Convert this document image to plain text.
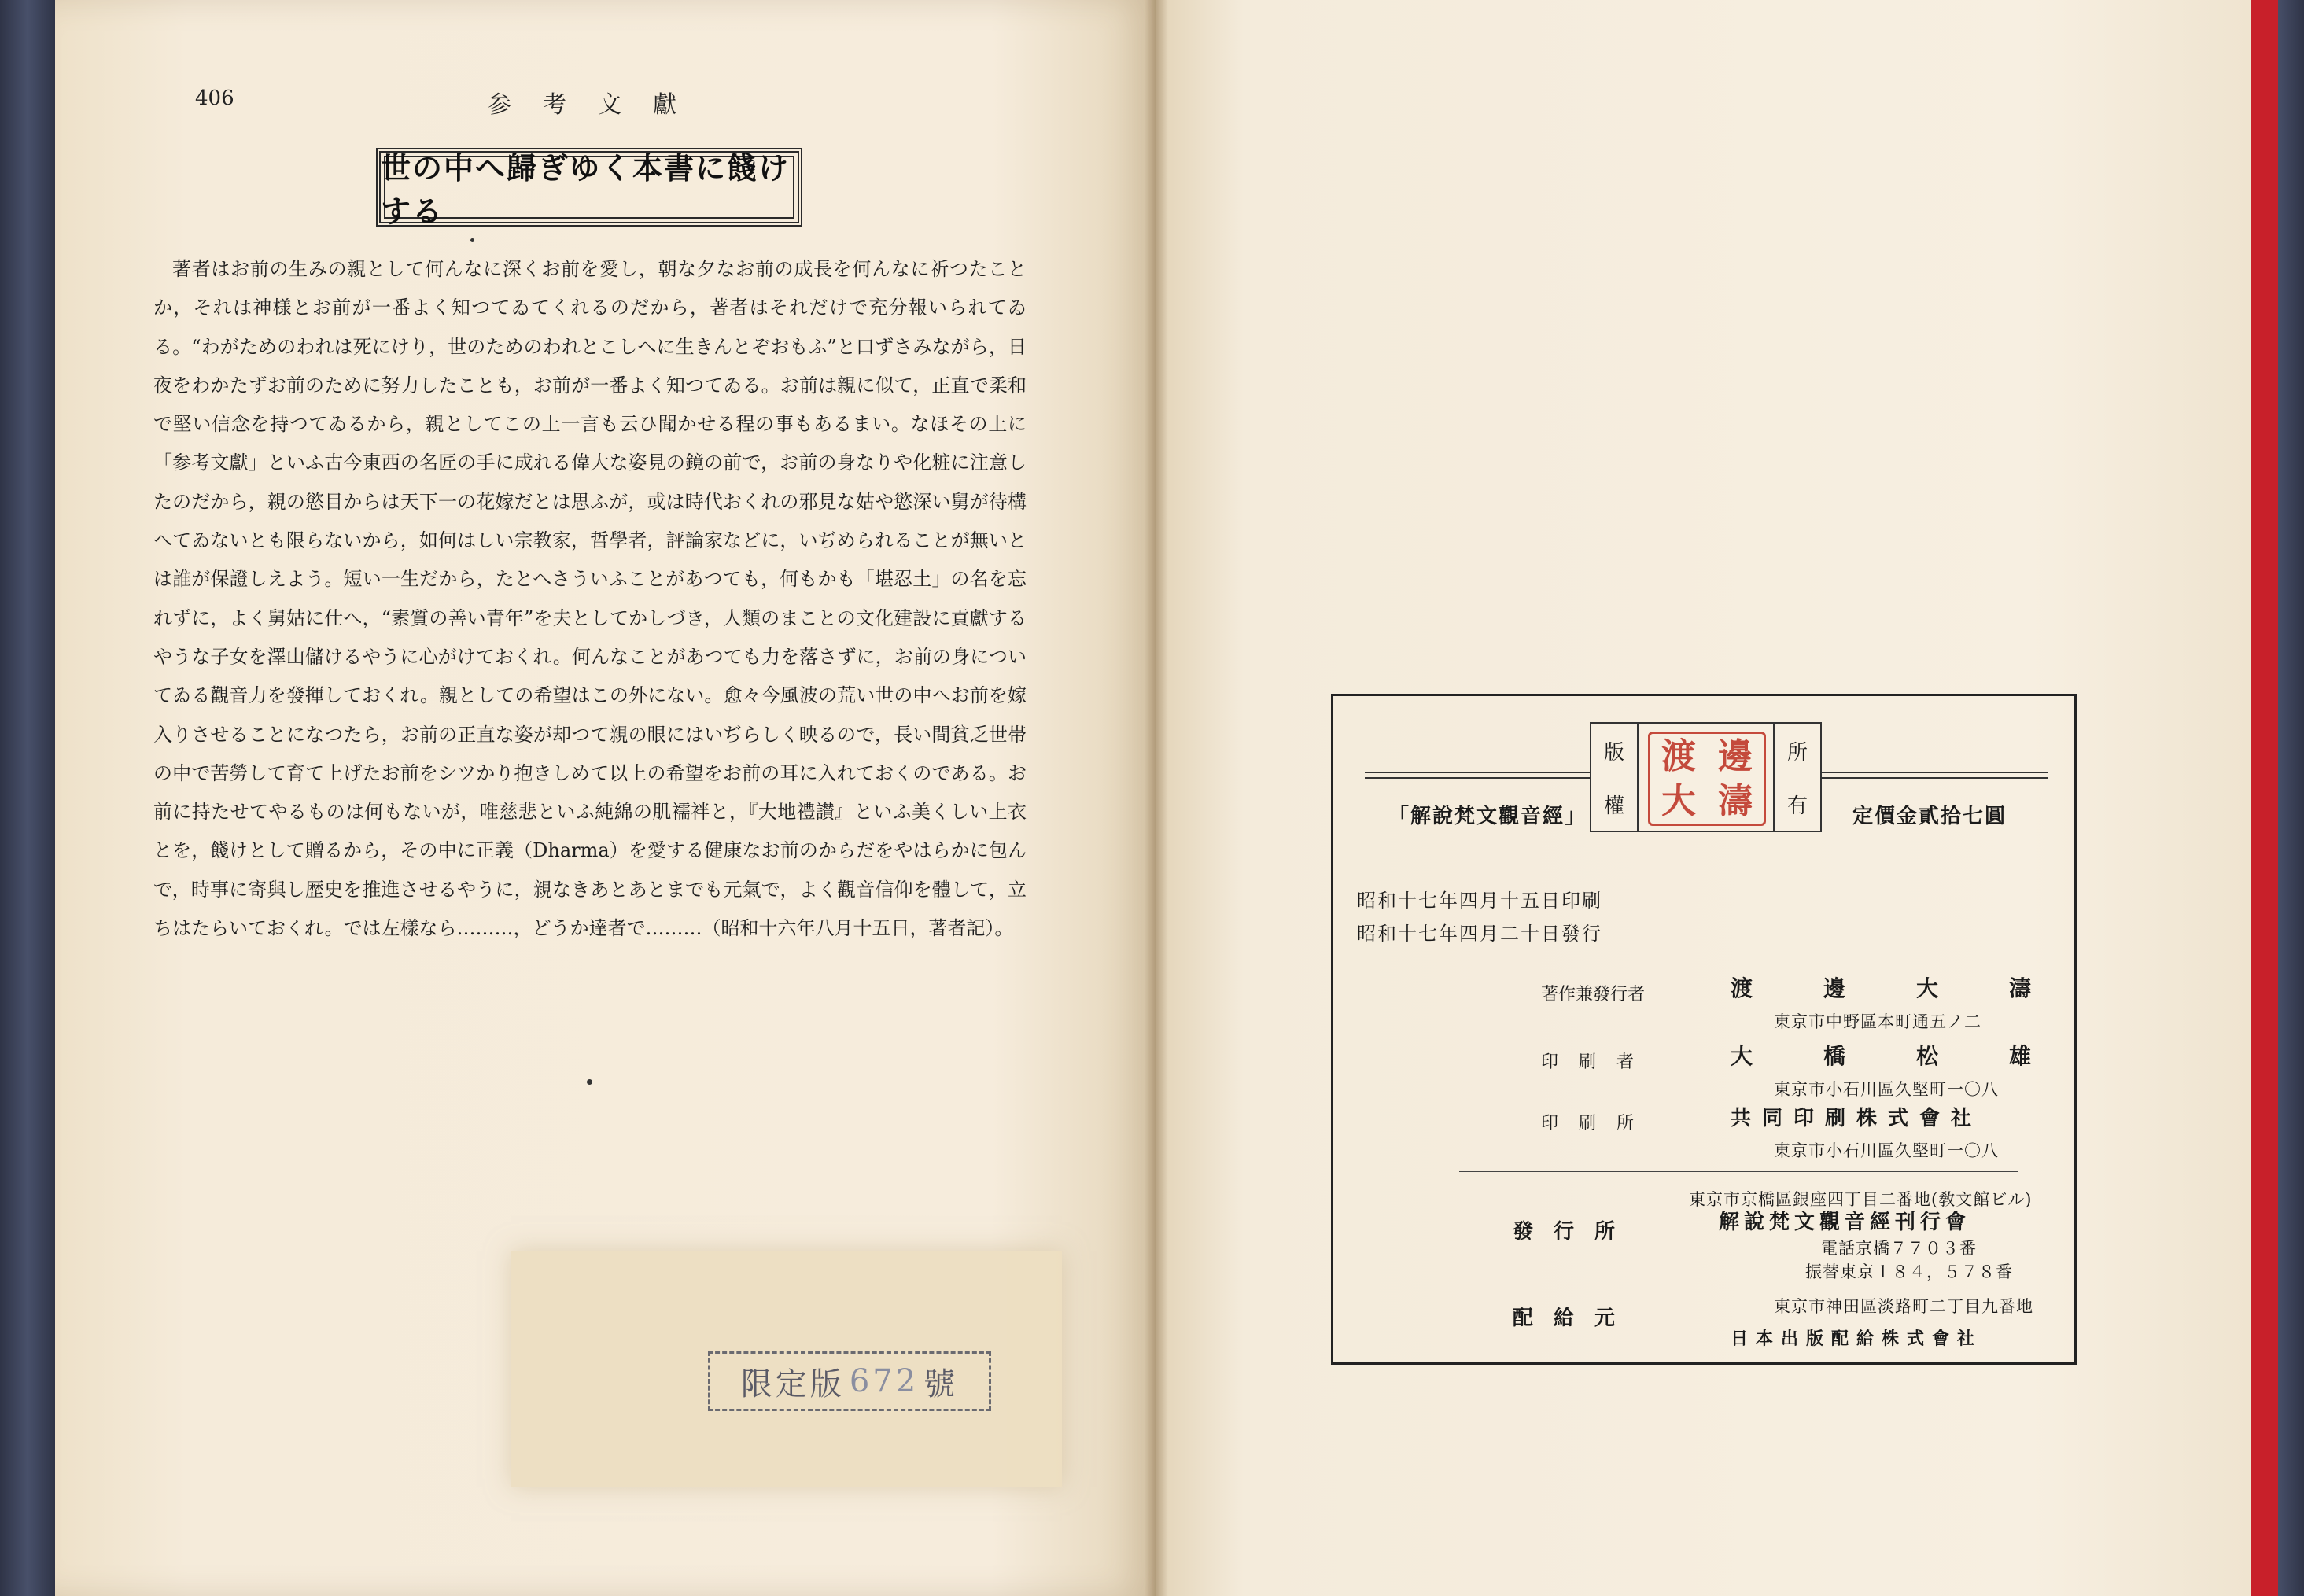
406	参考文獻
世の中へ歸ぎゆく本書に餞けする

著者はお前の生みの親として何んなに深くお前を愛し，朝な夕なお前の成長を何んなに祈つたことか，それは神様とお前が一番よく知つてゐてくれるのだから，著者はそれだけで充分報いられてゐる。“わがためのわれは死にけり，世のためのわれとこしへに生きんとぞおもふ”と口ずさみながら，日夜をわかたずお前のために努力したことも，お前が一番よく知つてゐる。お前は親に似て，正直で柔和で堅い信念を持つてゐるから，親としてこの上一言も云ひ聞かせる程の事もあるまい。なほその上に「参考文獻」といふ古今東西の名匠の手に成れる偉大な姿見の鏡の前で，お前の身なりや化粧に注意したのだから，親の慾目からは天下一の花嫁だとは思ふが，或は時代おくれの邪見な姑や慾深い舅が待構へてゐないとも限らないから，如何はしい宗教家，哲學者，評論家などに，いぢめられることが無いとは誰が保證しえよう。短い一生だから，たとへさういふことがあつても，何もかも「堪忍土」の名を忘れずに，よく舅姑に仕へ，“素質の善い青年”を夫としてかしづき，人類のまことの文化建設に貢獻するやうな子女を澤山儲けるやうに心がけておくれ。何んなことがあつても力を落さずに，お前の身についてゐる觀音力を發揮しておくれ。親としての希望はこの外にない。愈々今風波の荒い世の中へお前を嫁入りさせることになつたら，お前の正直な姿が却つて親の眼にはいぢらしく映るので，長い間貧乏世帯の中で苦勞して育て上げたお前をシツかり抱きしめて以上の希望をお前の耳に入れておくのである。お前に持たせてやるものは何もないが，唯慈悲といふ純綿の肌襦袢と，『大地禮讃』といふ美くしい上衣とを，餞けとして贈るから，その中に正義（Dharma）を愛する健康なお前のからだをやはらかに包んで，時事に寄與し歴史を推進させるやうに，親なきあとあとまでも元氣で，よく觀音信仰を體して，立ちはたらいておくれ。では左樣なら………，どうか達者で………（昭和十六年八月十五日，著者記）。

限定版 672 號
版
權
渡 邊
大 濤
所
有
「解說梵文觀音經」	定價金貳拾七圓
昭和十七年四月十五日印刷
昭和十七年四月二十日發行
著作兼發行者	渡邊大濤
東京市中野區本町通五ノ二
印刷者	大橋松雄
東京市小石川區久堅町一〇八
印刷所	共同印刷株式會社
東京市小石川區久堅町一〇八
東京市京橋區銀座四丁目二番地(敎文館ビル)
發行所	解說梵文觀音經刊行會
電話京橋７７０３番
振替東京１８４，５７８番
配給元	東京市神田區淡路町二丁目九番地
日本出版配給株式會社
